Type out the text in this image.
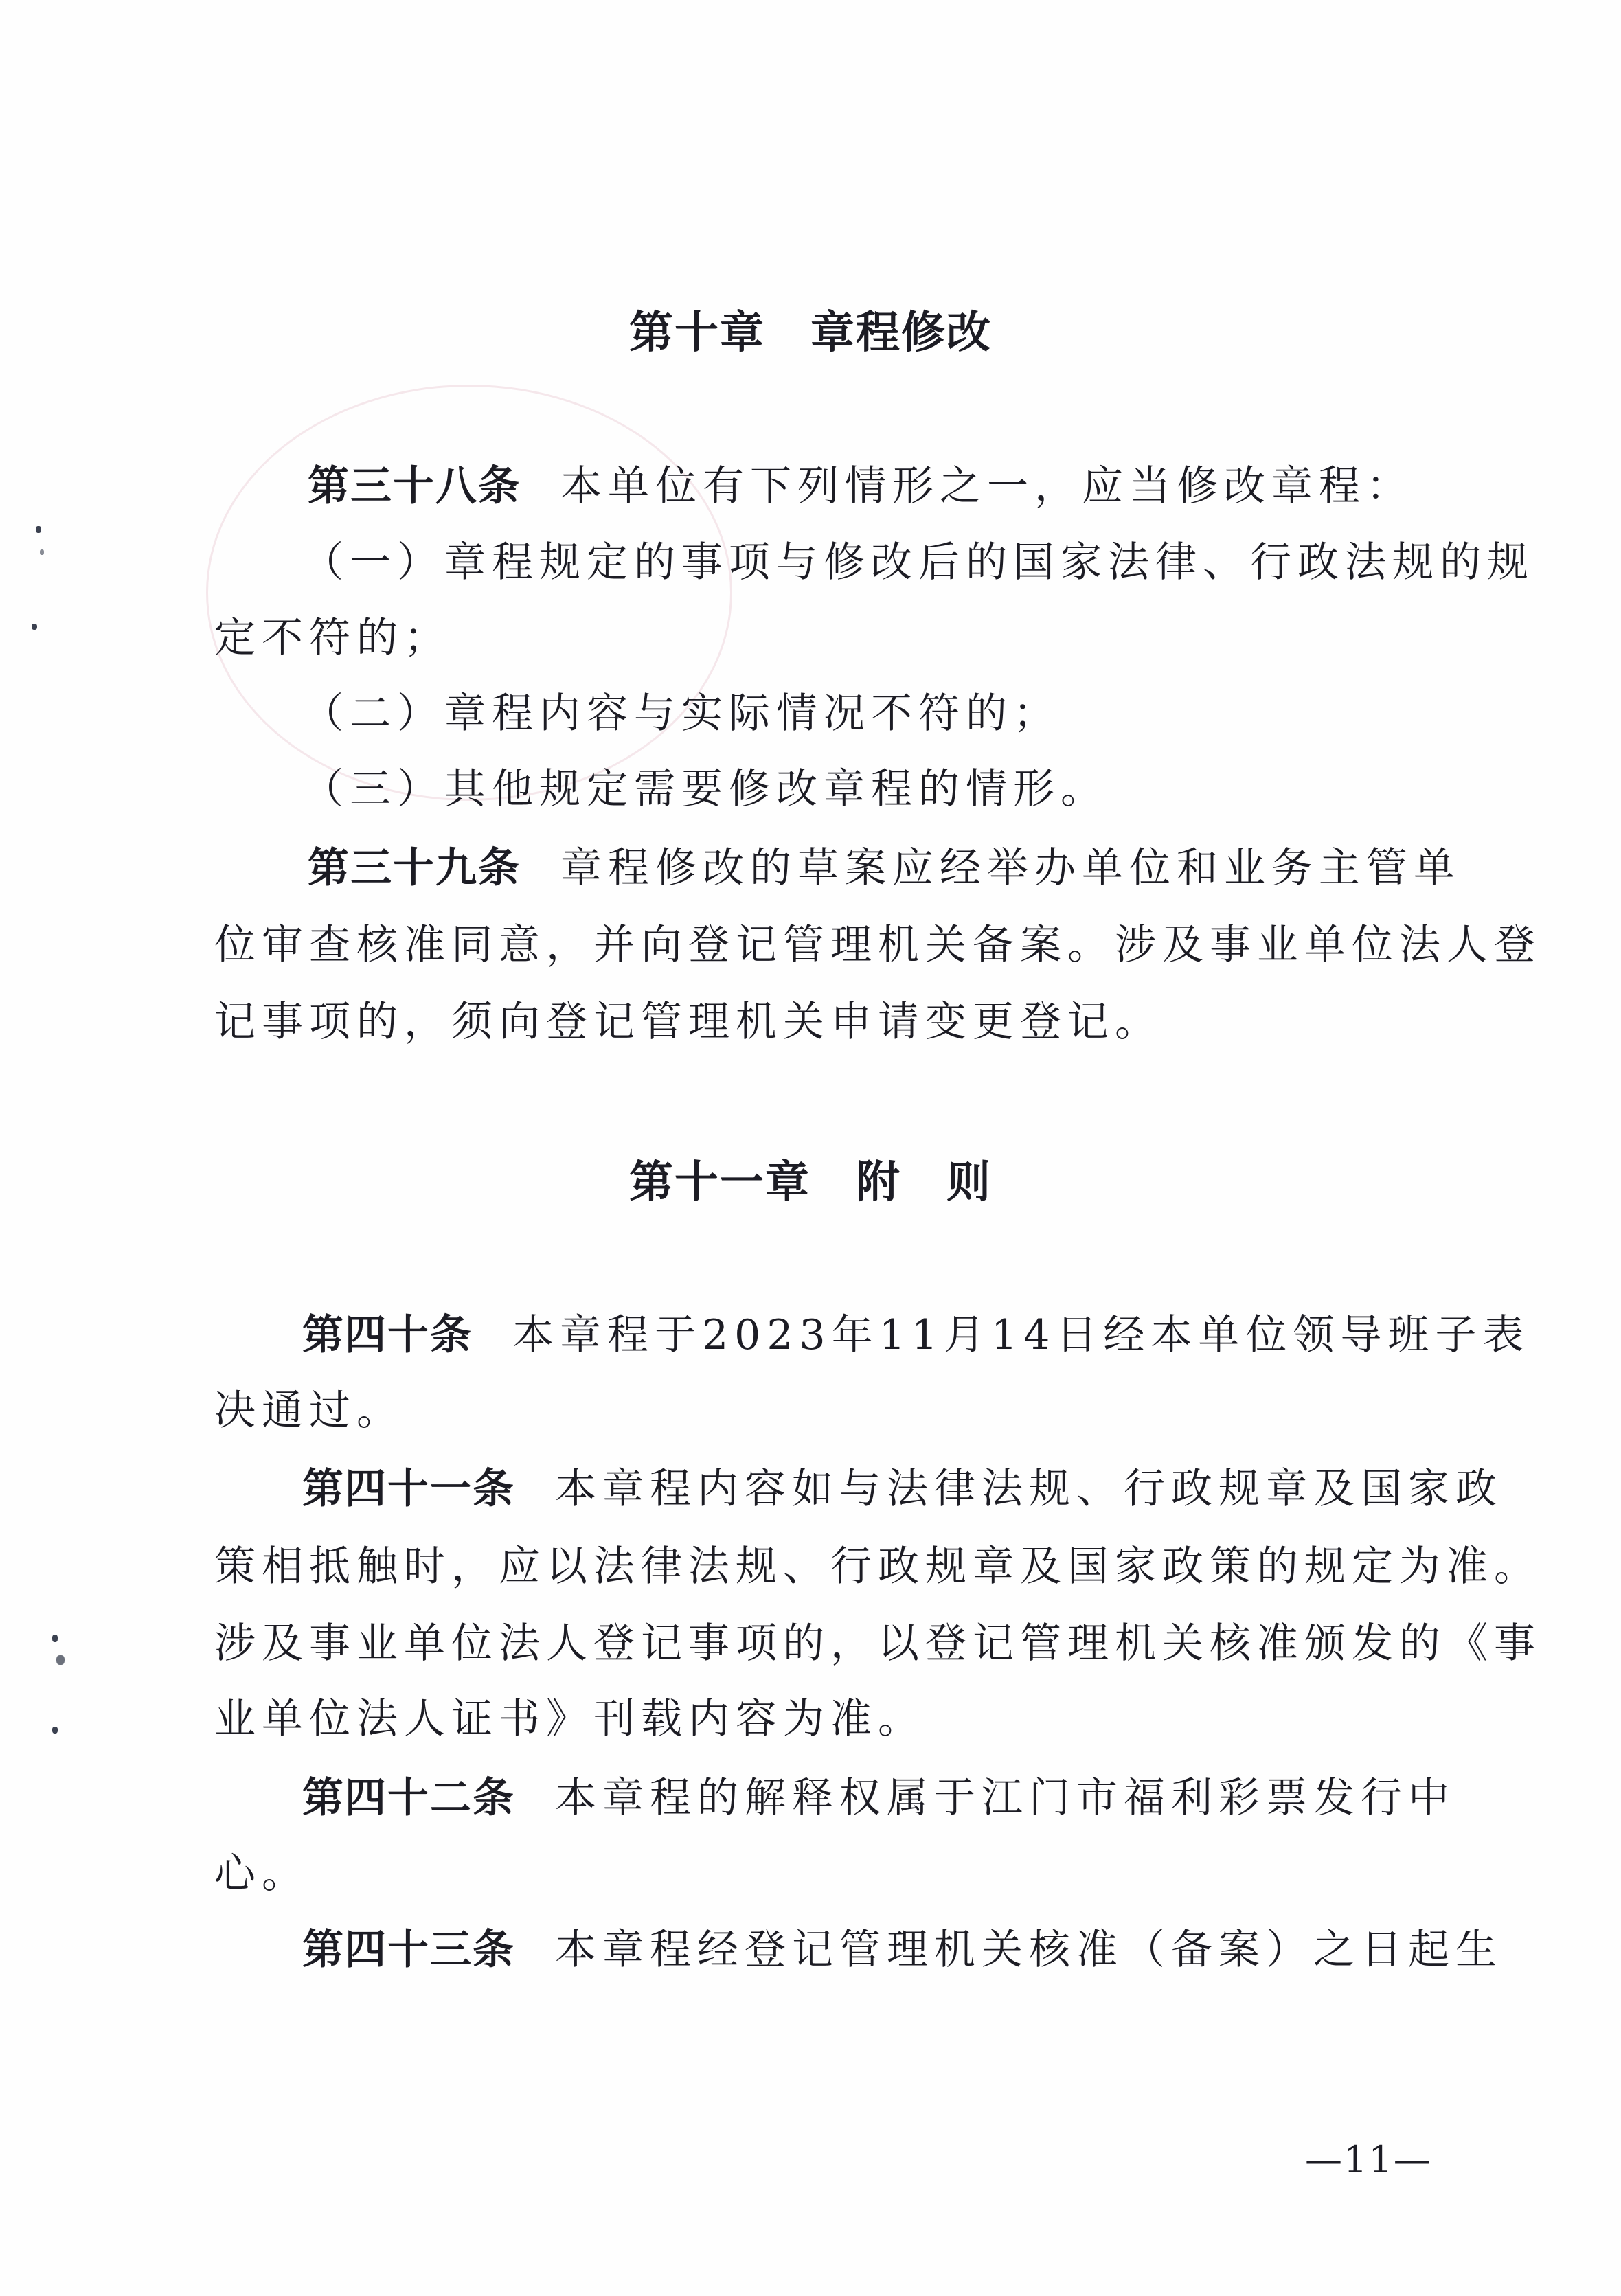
第十章　章程修改
第三十八条 本单位有下列情形之一，应当修改章程：
（一）章程规定的事项与修改后的国家法律、行政法规的规
定不符的；
（二）章程内容与实际情况不符的；
（三）其他规定需要修改章程的情形。
第三十九条 章程修改的草案应经举办单位和业务主管单
位审查核准同意，并向登记管理机关备案。涉及事业单位法人登
记事项的，须向登记管理机关申请变更登记。
第十一章　附　则
第四十条 本章程于2023年11月14日经本单位领导班子表
决通过。
第四十一条 本章程内容如与法律法规、行政规章及国家政
策相抵触时，应以法律法规、行政规章及国家政策的规定为准。
涉及事业单位法人登记事项的，以登记管理机关核准颁发的《事
业单位法人证书》刊载内容为准。
第四十二条 本章程的解释权属于江门市福利彩票发行中
心。
第四十三条 本章程经登记管理机关核准（备案）之日起生
—11—
